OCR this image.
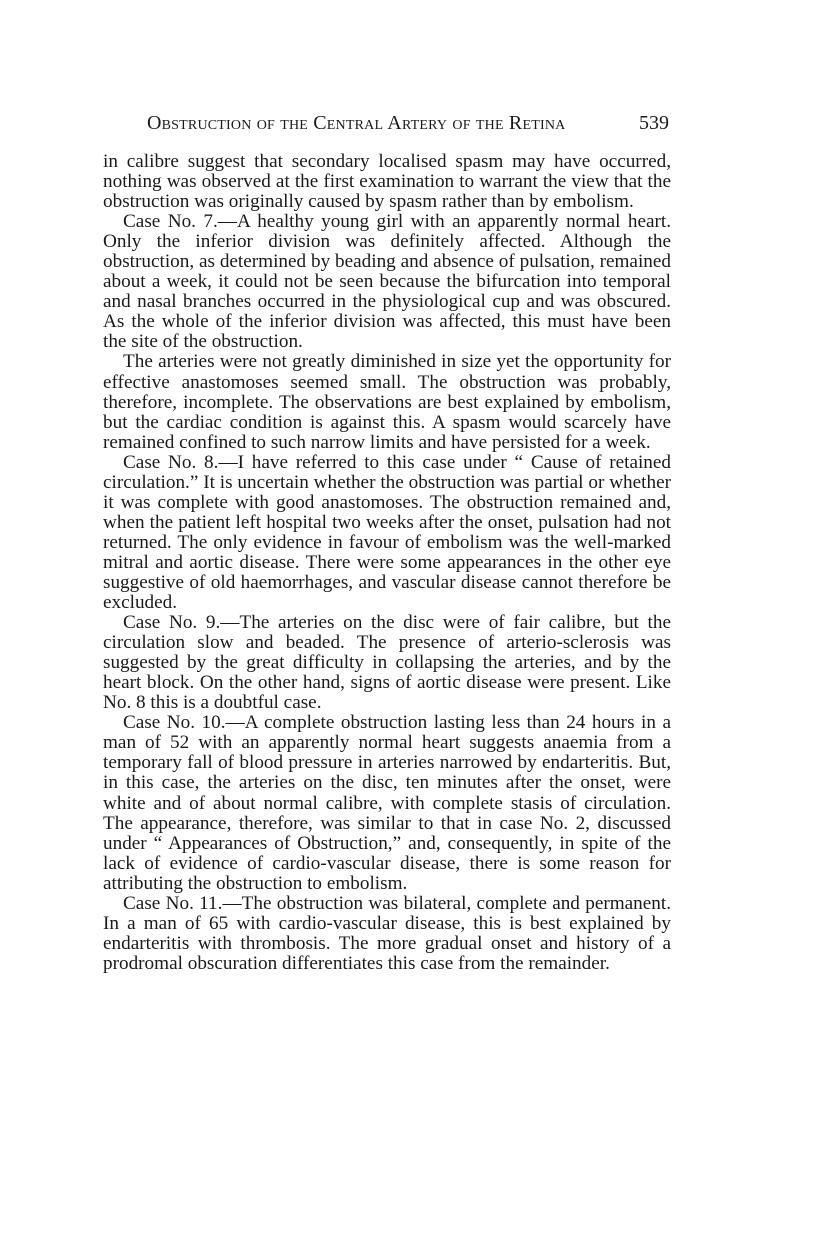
Obstruction of the Central Artery of the Retina	539

in calibre suggest that secondary localised spasm may have occurred, nothing was observed at the first examination to warrant the view that the obstruction was originally caused by spasm rather than by embolism.

Case No. 7.—A healthy young girl with an apparently normal heart. Only the inferior division was definitely affected. Although the obstruction, as determined by beading and absence of pulsation, remained about a week, it could not be seen because the bifurcation into temporal and nasal branches occurred in the physiological cup and was obscured. As the whole of the inferior division was affected, this must have been the site of the obstruction.

The arteries were not greatly diminished in size yet the opportunity for effective anastomoses seemed small. The obstruction was probably, therefore, incomplete. The observations are best explained by embolism, but the cardiac condition is against this. A spasm would scarcely have remained confined to such narrow limits and have persisted for a week.

Case No. 8.—I have referred to this case under “ Cause of retained circulation.” It is uncertain whether the obstruction was partial or whether it was complete with good anastomoses. The obstruction remained and, when the patient left hospital two weeks after the onset, pulsation had not returned. The only evidence in favour of embolism was the well-marked mitral and aortic disease. There were some appearances in the other eye suggestive of old haemorrhages, and vascular disease cannot therefore be excluded.

Case No. 9.—The arteries on the disc were of fair calibre, but the circulation slow and beaded. The presence of arterio-sclerosis was suggested by the great difficulty in collapsing the arteries, and by the heart block. On the other hand, signs of aortic disease were present. Like No. 8 this is a doubtful case.

Case No. 10.—A complete obstruction lasting less than 24 hours in a man of 52 with an apparently normal heart suggests anaemia from a temporary fall of blood pressure in arteries narrowed by endarteritis. But, in this case, the arteries on the disc, ten minutes after the onset, were white and of about normal calibre, with complete stasis of circulation. The appearance, therefore, was similar to that in case No. 2, discussed under “ Appearances of Obstruction,” and, consequently, in spite of the lack of evidence of cardio-vascular disease, there is some reason for attributing the obstruction to embolism.

Case No. 11.—The obstruction was bilateral, complete and permanent. In a man of 65 with cardio-vascular disease, this is best explained by endarteritis with thrombosis. The more gradual onset and history of a prodromal obscuration differentiates this case from the remainder.
